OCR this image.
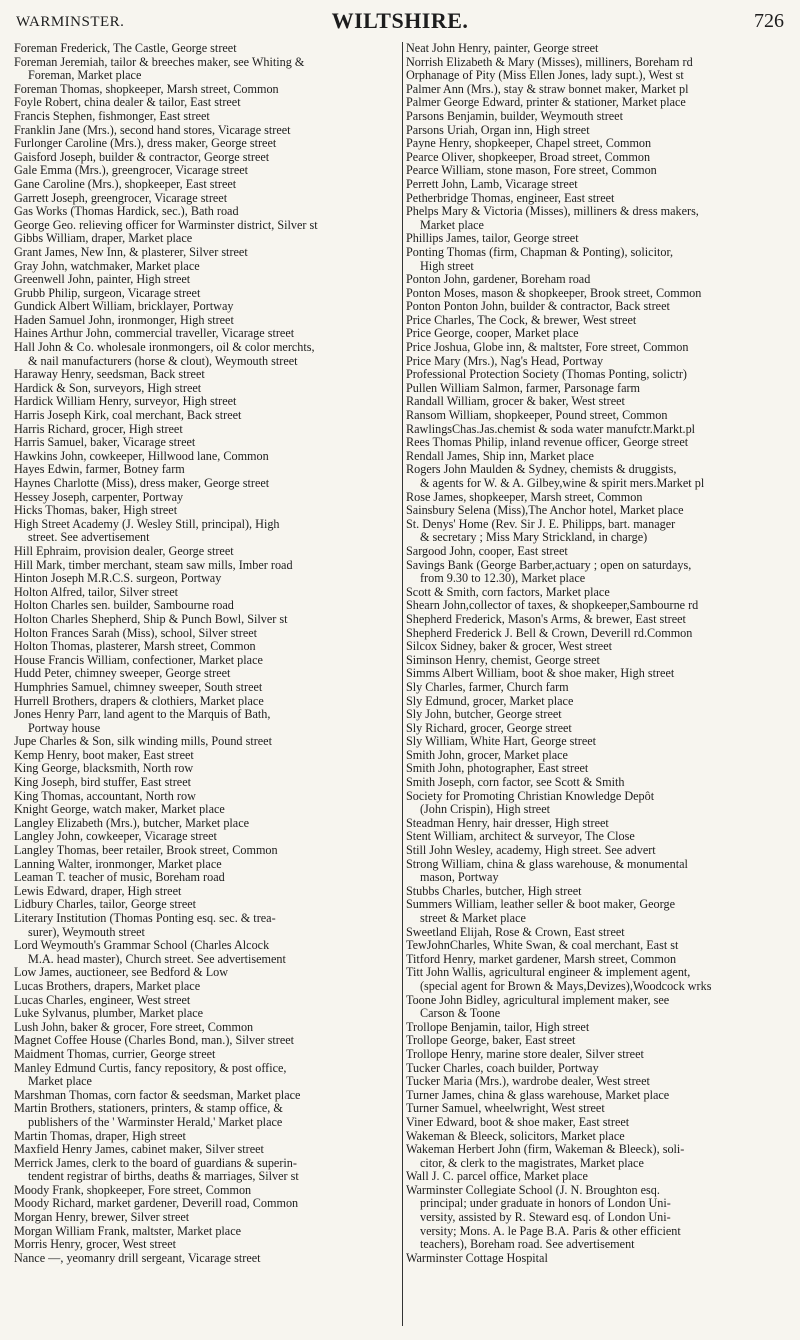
WARMINSTER.	WILTSHIRE.	726
Foreman Frederick, The Castle, George street
Foreman Jeremiah, tailor & breeches maker, see Whiting &
Foreman, Market place
Foreman Thomas, shopkeeper, Marsh street, Common
Foyle Robert, china dealer & tailor, East street
Francis Stephen, fishmonger, East street
Franklin Jane (Mrs.), second hand stores, Vicarage street
Furlonger Caroline (Mrs.), dress maker, George street
Gaisford Joseph, builder & contractor, George street
Gale Emma (Mrs.), greengrocer, Vicarage street
Gane Caroline (Mrs.), shopkeeper, East street
Garrett Joseph, greengrocer, Vicarage street
Gas Works (Thomas Hardick, sec.), Bath road
George Geo. relieving officer for Warminster district, Silver st
Gibbs William, draper, Market place
Grant James, New Inn, & plasterer, Silver street
Gray John, watchmaker, Market place
Greenwell John, painter, High street
Grubb Philip, surgeon, Vicarage street
Gundick Albert William, bricklayer, Portway
Haden Samuel John, ironmonger, High street
Haines Arthur John, commercial traveller, Vicarage street
Hall John & Co. wholesale ironmongers, oil & color merchts,
& nail manufacturers (horse & clout), Weymouth street
Haraway Henry, seedsman, Back street
Hardick & Son, surveyors, High street
Hardick William Henry, surveyor, High street
Harris Joseph Kirk, coal merchant, Back street
Harris Richard, grocer, High street
Harris Samuel, baker, Vicarage street
Hawkins John, cowkeeper, Hillwood lane, Common
Hayes Edwin, farmer, Botney farm
Haynes Charlotte (Miss), dress maker, George street
Hessey Joseph, carpenter, Portway
Hicks Thomas, baker, High street
High Street Academy (J. Wesley Still, principal), High
street. See advertisement
Hill Ephraim, provision dealer, George street
Hill Mark, timber merchant, steam saw mills, Imber road
Hinton Joseph M.R.C.S. surgeon, Portway
Holton Alfred, tailor, Silver street
Holton Charles sen. builder, Sambourne road
Holton Charles Shepherd, Ship & Punch Bowl, Silver st
Holton Frances Sarah (Miss), school, Silver street
Holton Thomas, plasterer, Marsh street, Common
House Francis William, confectioner, Market place
Hudd Peter, chimney sweeper, George street
Humphries Samuel, chimney sweeper, South street
Hurrell Brothers, drapers & clothiers, Market place
Jones Henry Parr, land agent to the Marquis of Bath,
Portway house
Jupe Charles & Son, silk winding mills, Pound street
Kemp Henry, boot maker, East street
King George, blacksmith, North row
King Joseph, bird stuffer, East street
King Thomas, accountant, North row
Knight George, watch maker, Market place
Langley Elizabeth (Mrs.), butcher, Market place
Langley John, cowkeeper, Vicarage street
Langley Thomas, beer retailer, Brook street, Common
Lanning Walter, ironmonger, Market place
Leaman T. teacher of music, Boreham road
Lewis Edward, draper, High street
Lidbury Charles, tailor, George street
Literary Institution (Thomas Ponting esq. sec. & trea-
surer), Weymouth street
Lord Weymouth's Grammar School (Charles Alcock
M.A. head master), Church street. See advertisement
Low James, auctioneer, see Bedford & Low
Lucas Brothers, drapers, Market place
Lucas Charles, engineer, West street
Luke Sylvanus, plumber, Market place
Lush John, baker & grocer, Fore street, Common
Magnet Coffee House (Charles Bond, man.), Silver street
Maidment Thomas, currier, George street
Manley Edmund Curtis, fancy repository, & post office,
Market place
Marshman Thomas, corn factor & seedsman, Market place
Martin Brothers, stationers, printers, & stamp office, &
publishers of the ' Warminster Herald,' Market place
Martin Thomas, draper, High street
Maxfield Henry James, cabinet maker, Silver street
Merrick James, clerk to the board of guardians & superin-
tendent registrar of births, deaths & marriages, Silver st
Moody Frank, shopkeeper, Fore street, Common
Moody Richard, market gardener, Deverill road, Common
Morgan Henry, brewer, Silver street
Morgan William Frank, maltster, Market place
Morris Henry, grocer, West street
Nance —, yeomanry drill sergeant, Vicarage street
Neat John Henry, painter, George street
Norrish Elizabeth & Mary (Misses), milliners, Boreham rd
Orphanage of Pity (Miss Ellen Jones, lady supt.), West st
Palmer Ann (Mrs.), stay & straw bonnet maker, Market pl
Palmer George Edward, printer & stationer, Market place
Parsons Benjamin, builder, Weymouth street
Parsons Uriah, Organ inn, High street
Payne Henry, shopkeeper, Chapel street, Common
Pearce Oliver, shopkeeper, Broad street, Common
Pearce William, stone mason, Fore street, Common
Perrett John, Lamb, Vicarage street
Petherbridge Thomas, engineer, East street
Phelps Mary & Victoria (Misses), milliners & dress makers,
Market place
Phillips James, tailor, George street
Ponting Thomas (firm, Chapman & Ponting), solicitor,
High street
Ponton John, gardener, Boreham road
Ponton Moses, mason & shopkeeper, Brook street, Common
Ponton Ponton John, builder & contractor, Back street
Price Charles, The Cock, & brewer, West street
Price George, cooper, Market place
Price Joshua, Globe inn, & maltster, Fore street, Common
Price Mary (Mrs.), Nag's Head, Portway
Professional Protection Society (Thomas Ponting, solictr)
Pullen William Salmon, farmer, Parsonage farm
Randall William, grocer & baker, West street
Ransom William, shopkeeper, Pound street, Common
RawlingsChas.Jas.chemist & soda water manufctr.Markt.pl
Rees Thomas Philip, inland revenue officer, George street
Rendall James, Ship inn, Market place
Rogers John Maulden & Sydney, chemists & druggists,
& agents for W. & A. Gilbey,wine & spirit mers.Market pl
Rose James, shopkeeper, Marsh street, Common
Sainsbury Selena (Miss),The Anchor hotel, Market place
St. Denys' Home (Rev. Sir J. E. Philipps, bart. manager
& secretary ; Miss Mary Strickland, in charge)
Sargood John, cooper, East street
Savings Bank (George Barber,actuary ; open on saturdays,
from 9.30 to 12.30), Market place
Scott & Smith, corn factors, Market place
Shearn John,collector of taxes, & shopkeeper,Sambourne rd
Shepherd Frederick, Mason's Arms, & brewer, East street
Shepherd Frederick J. Bell & Crown, Deverill rd.Common
Silcox Sidney, baker & grocer, West street
Siminson Henry, chemist, George street
Simms Albert William, boot & shoe maker, High street
Sly Charles, farmer, Church farm
Sly Edmund, grocer, Market place
Sly John, butcher, George street
Sly Richard, grocer, George street
Sly William, White Hart, George street
Smith John, grocer, Market place
Smith John, photographer, East street
Smith Joseph, corn factor, see Scott & Smith
Society for Promoting Christian Knowledge Depôt
(John Crispin), High street
Steadman Henry, hair dresser, High street
Stent William, architect & surveyor, The Close
Still John Wesley, academy, High street. See advert
Strong William, china & glass warehouse, & monumental
mason, Portway
Stubbs Charles, butcher, High street
Summers William, leather seller & boot maker, George
street & Market place
Sweetland Elijah, Rose & Crown, East street
TewJohnCharles, White Swan, & coal merchant, East st
Titford Henry, market gardener, Marsh street, Common
Titt John Wallis, agricultural engineer & implement agent,
(special agent for Brown & Mays,Devizes),Woodcock wrks
Toone John Bidley, agricultural implement maker, see
Carson & Toone
Trollope Benjamin, tailor, High street
Trollope George, baker, East street
Trollope Henry, marine store dealer, Silver street
Tucker Charles, coach builder, Portway
Tucker Maria (Mrs.), wardrobe dealer, West street
Turner James, china & glass warehouse, Market place
Turner Samuel, wheelwright, West street
Viner Edward, boot & shoe maker, East street
Wakeman & Bleeck, solicitors, Market place
Wakeman Herbert John (firm, Wakeman & Bleeck), soli-
citor, & clerk to the magistrates, Market place
Wall J. C. parcel office, Market place
Warminster Collegiate School (J. N. Broughton esq.
principal; under graduate in honors of London Uni-
versity, assisted by R. Steward esq. of London Uni-
versity; Mons. A. le Page B.A. Paris & other efficient
teachers), Boreham road. See advertisement
Warminster Cottage Hospital
